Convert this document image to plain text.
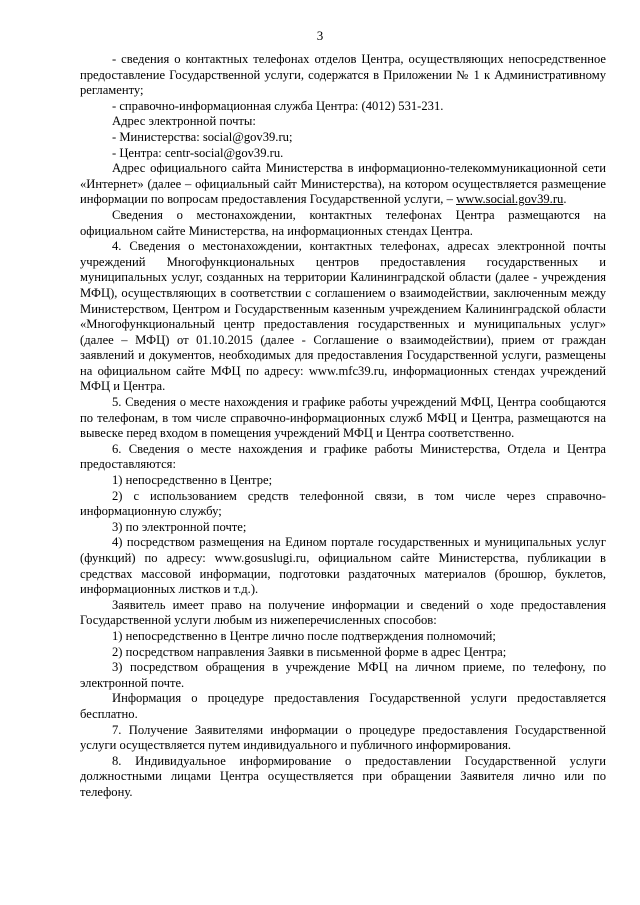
3

- сведения о контактных телефонах отделов Центра, осуществляющих непосредственное предоставление Государственной услуги, содержатся в Приложении № 1 к Административному регламенту;

- справочно-информационная служба Центра: (4012) 531-231.

Адрес электронной почты:

- Министерства: social@gov39.ru;

- Центра: centr-social@gov39.ru.

Адрес официального сайта Министерства в информационно-телекоммуникационной сети «Интернет» (далее – официальный сайт Министерства), на котором осуществляется размещение информации по вопросам предоставления Государственной услуги, – www.social.gov39.ru.

Сведения о местонахождении, контактных телефонах Центра размещаются на официальном сайте Министерства, на информационных стендах Центра.

4. Сведения о местонахождении, контактных телефонах, адресах электронной почты учреждений Многофункциональных центров предоставления государственных и муниципальных услуг, созданных на территории Калининградской области (далее - учреждения МФЦ), осуществляющих в соответствии с соглашением о взаимодействии, заключенным между Министерством, Центром и Государственным казенным учреждением Калининградской области «Многофункциональный центр предоставления государственных и муниципальных услуг» (далее – МФЦ) от 01.10.2015 (далее - Соглашение о взаимодействии), прием от граждан заявлений и документов, необходимых для предоставления Государственной услуги, размещены на официальном сайте МФЦ по адресу: www.mfc39.ru, информационных стендах учреждений МФЦ и Центра.

5. Сведения о месте нахождения и графике работы учреждений МФЦ, Центра сообщаются по телефонам, в том числе справочно-информационных служб МФЦ и Центра, размещаются на вывеске перед входом в помещения учреждений МФЦ и Центра соответственно.

6. Сведения о месте нахождения и графике работы Министерства, Отдела и Центра предоставляются:

1) непосредственно в Центре;

2) с использованием средств телефонной связи, в том числе через справочно-информационную службу;

3) по электронной почте;

4) посредством размещения на Едином портале государственных и муниципальных услуг (функций) по адресу: www.gosuslugi.ru, официальном сайте Министерства, публикации в средствах массовой информации, подготовки раздаточных материалов (брошюр, буклетов, информационных листков и т.д.).

Заявитель имеет право на получение информации и сведений о ходе предоставления Государственной услуги любым из нижеперечисленных способов:

1) непосредственно в Центре лично после подтверждения полномочий;

2) посредством направления Заявки в письменной форме в адрес Центра;

3) посредством обращения в учреждение МФЦ на личном приеме, по телефону, по электронной почте.

Информация о процедуре предоставления Государственной услуги предоставляется бесплатно.

7. Получение Заявителями информации о процедуре предоставления Государственной услуги осуществляется путем индивидуального и публичного информирования.

8. Индивидуальное информирование о предоставлении Государственной услуги должностными лицами Центра осуществляется при обращении Заявителя лично или по телефону.
